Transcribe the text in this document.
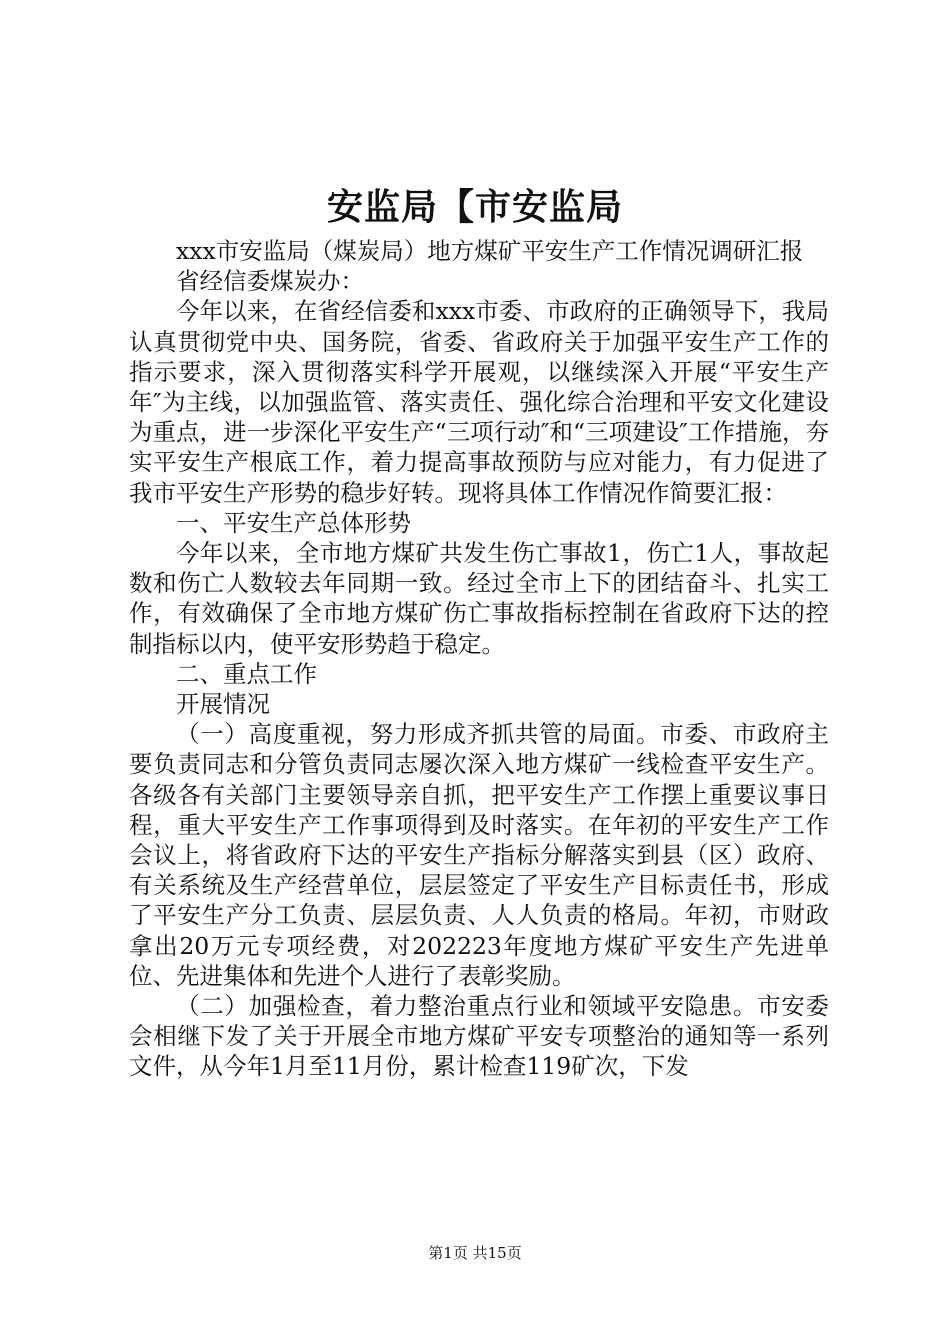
安监局【市安监局

xxx市安监局（煤炭局）地方煤矿平安生产工作情况调研汇报

省经信委煤炭办：

今年以来，在省经信委和xxx市委、市政府的正确领导下，我局认真贯彻党中央、国务院，省委、省政府关于加强平安生产工作的指示要求，深入贯彻落实科学开展观，以继续深入开展“平安生产年″为主线，以加强监管、落实责任、强化综合治理和平安文化建设为重点，进一步深化平安生产“三项行动″和“三项建设″工作措施，夯实平安生产根底工作，着力提高事故预防与应对能力，有力促进了我市平安生产形势的稳步好转。现将具体工作情况作简要汇报：

一、平安生产总体形势

今年以来，全市地方煤矿共发生伤亡事故1，伤亡1人，事故起数和伤亡人数较去年同期一致。经过全市上下的团结奋斗、扎实工作，有效确保了全市地方煤矿伤亡事故指标控制在省政府下达的控制指标以内，使平安形势趋于稳定。

二、重点工作

开展情况

（一）高度重视，努力形成齐抓共管的局面。市委、市政府主要负责同志和分管负责同志屡次深入地方煤矿一线检查平安生产。各级各有关部门主要领导亲自抓，把平安生产工作摆上重要议事日程，重大平安生产工作事项得到及时落实。在年初的平安生产工作会议上，将省政府下达的平安生产指标分解落实到县（区）政府、有关系统及生产经营单位，层层签定了平安生产目标责任书，形成了平安生产分工负责、层层负责、人人负责的格局。年初，市财政拿出20万元专项经费，对202223年度地方煤矿平安生产先进单位、先进集体和先进个人进行了表彰奖励。

（二）加强检查，着力整治重点行业和领域平安隐患。市安委会相继下发了关于开展全市地方煤矿平安专项整治的通知等一系列文件，从今年1月至11月份，累计检查119矿次，下发

第1页 共15页
